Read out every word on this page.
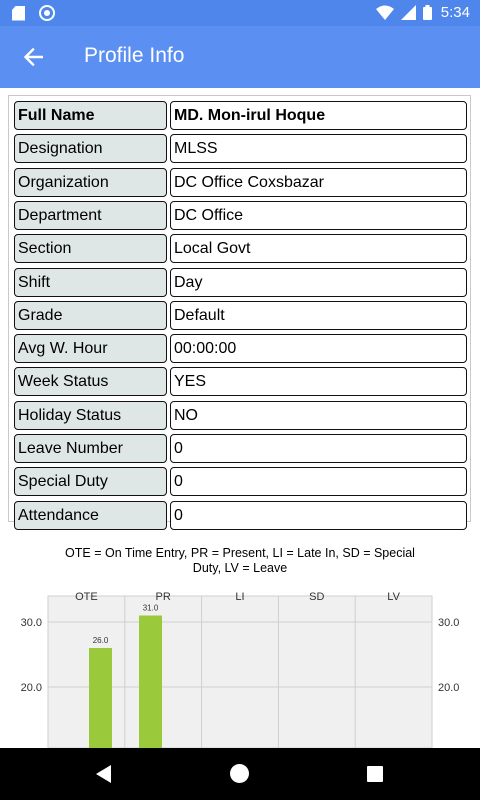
5:34
Profile Info
Full Name	MD. Mon-irul Hoque
Designation	MLSS
Organization	DC Office Coxsbazar
Department	DC Office
Section	Local Govt
Shift	Day
Grade	Default
Avg W. Hour	00:00:00
Week Status	YES
Holiday Status	NO
Leave Number	0
Special Duty	0
Attendance	0
OTE = On Time Entry, PR = Present, LI = Late In, SD = Special Duty, LV = Leave
30.0	30.0
20.0	20.0
OTE	PR	LI	SD	LV
26.0
31.0
